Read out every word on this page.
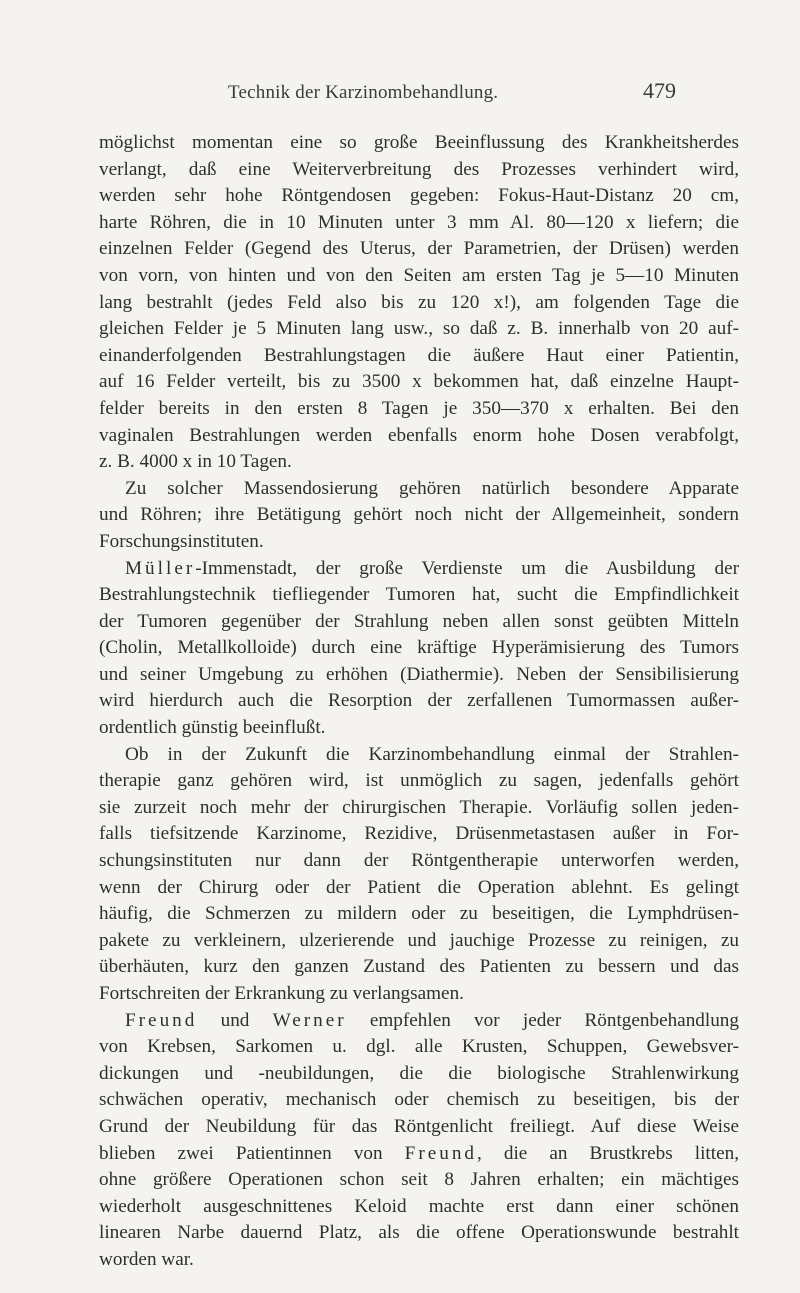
Technik der Karzinombehandlung.	479
möglichst momentan eine so große Beeinflussung des Krankheitsherdes
verlangt, daß eine Weiterverbreitung des Prozesses verhindert wird,
werden sehr hohe Röntgendosen gegeben: Fokus-Haut-Distanz 20 cm,
harte Röhren, die in 10 Minuten unter 3 mm Al. 80—120 x liefern; die
einzelnen Felder (Gegend des Uterus, der Parametrien, der Drüsen) werden
von vorn, von hinten und von den Seiten am ersten Tag je 5—10 Minuten
lang bestrahlt (jedes Feld also bis zu 120 x!), am folgenden Tage die
gleichen Felder je 5 Minuten lang usw., so daß z. B. innerhalb von 20 auf-
einanderfolgenden Bestrahlungstagen die äußere Haut einer Patientin,
auf 16 Felder verteilt, bis zu 3500 x bekommen hat, daß einzelne Haupt-
felder bereits in den ersten 8 Tagen je 350—370 x erhalten. Bei den
vaginalen Bestrahlungen werden ebenfalls enorm hohe Dosen verabfolgt,
z. B. 4000 x in 10 Tagen.
Zu solcher Massendosierung gehören natürlich besondere Apparate
und Röhren; ihre Betätigung gehört noch nicht der Allgemeinheit, sondern
Forschungsinstituten.
Müller-Immenstadt, der große Verdienste um die Ausbildung der
Bestrahlungstechnik tiefliegender Tumoren hat, sucht die Empfindlichkeit
der Tumoren gegenüber der Strahlung neben allen sonst geübten Mitteln
(Cholin, Metallkolloide) durch eine kräftige Hyperämisierung des Tumors
und seiner Umgebung zu erhöhen (Diathermie). Neben der Sensibilisierung
wird hierdurch auch die Resorption der zerfallenen Tumormassen außer-
ordentlich günstig beeinflußt.
Ob in der Zukunft die Karzinombehandlung einmal der Strahlen-
therapie ganz gehören wird, ist unmöglich zu sagen, jedenfalls gehört
sie zurzeit noch mehr der chirurgischen Therapie. Vorläufig sollen jeden-
falls tiefsitzende Karzinome, Rezidive, Drüsenmetastasen außer in For-
schungsinstituten nur dann der Röntgentherapie unterworfen werden,
wenn der Chirurg oder der Patient die Operation ablehnt. Es gelingt
häufig, die Schmerzen zu mildern oder zu beseitigen, die Lymphdrüsen-
pakete zu verkleinern, ulzerierende und jauchige Prozesse zu reinigen, zu
überhäuten, kurz den ganzen Zustand des Patienten zu bessern und das
Fortschreiten der Erkrankung zu verlangsamen.
Freund und Werner empfehlen vor jeder Röntgenbehandlung
von Krebsen, Sarkomen u. dgl. alle Krusten, Schuppen, Gewebsver-
dickungen und -neubildungen, die die biologische Strahlenwirkung
schwächen operativ, mechanisch oder chemisch zu beseitigen, bis der
Grund der Neubildung für das Röntgenlicht freiliegt. Auf diese Weise
blieben zwei Patientinnen von Freund, die an Brustkrebs litten,
ohne größere Operationen schon seit 8 Jahren erhalten; ein mächtiges
wiederholt ausgeschnittenes Keloid machte erst dann einer schönen
linearen Narbe dauernd Platz, als die offene Operationswunde bestrahlt
worden war.
